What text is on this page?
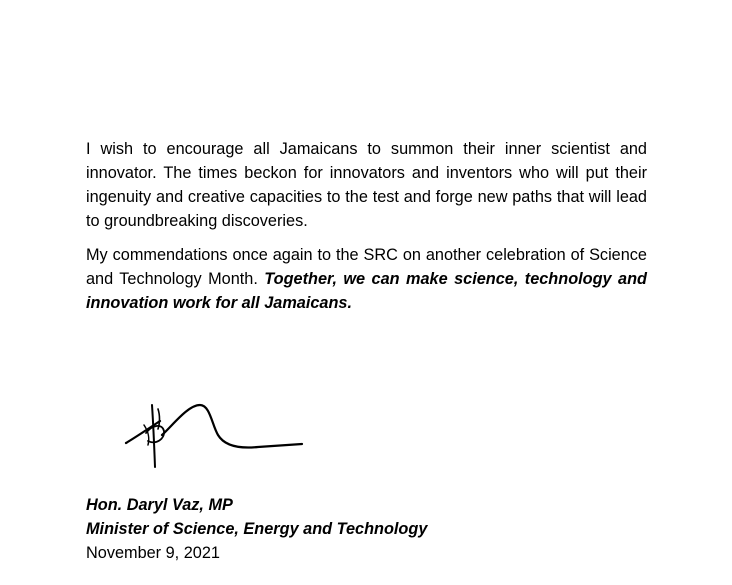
I wish to encourage all Jamaicans to summon their inner scientist and innovator. The times beckon for innovators and inventors who will put their ingenuity and creative capacities to the test and forge new paths that will lead to groundbreaking discoveries.

My commendations once again to the SRC on another celebration of Science and Technology Month. Together, we can make science, technology and innovation work for all Jamaicans.

Hon. Daryl Vaz, MP
Minister of Science, Energy and Technology
November 9, 2021
